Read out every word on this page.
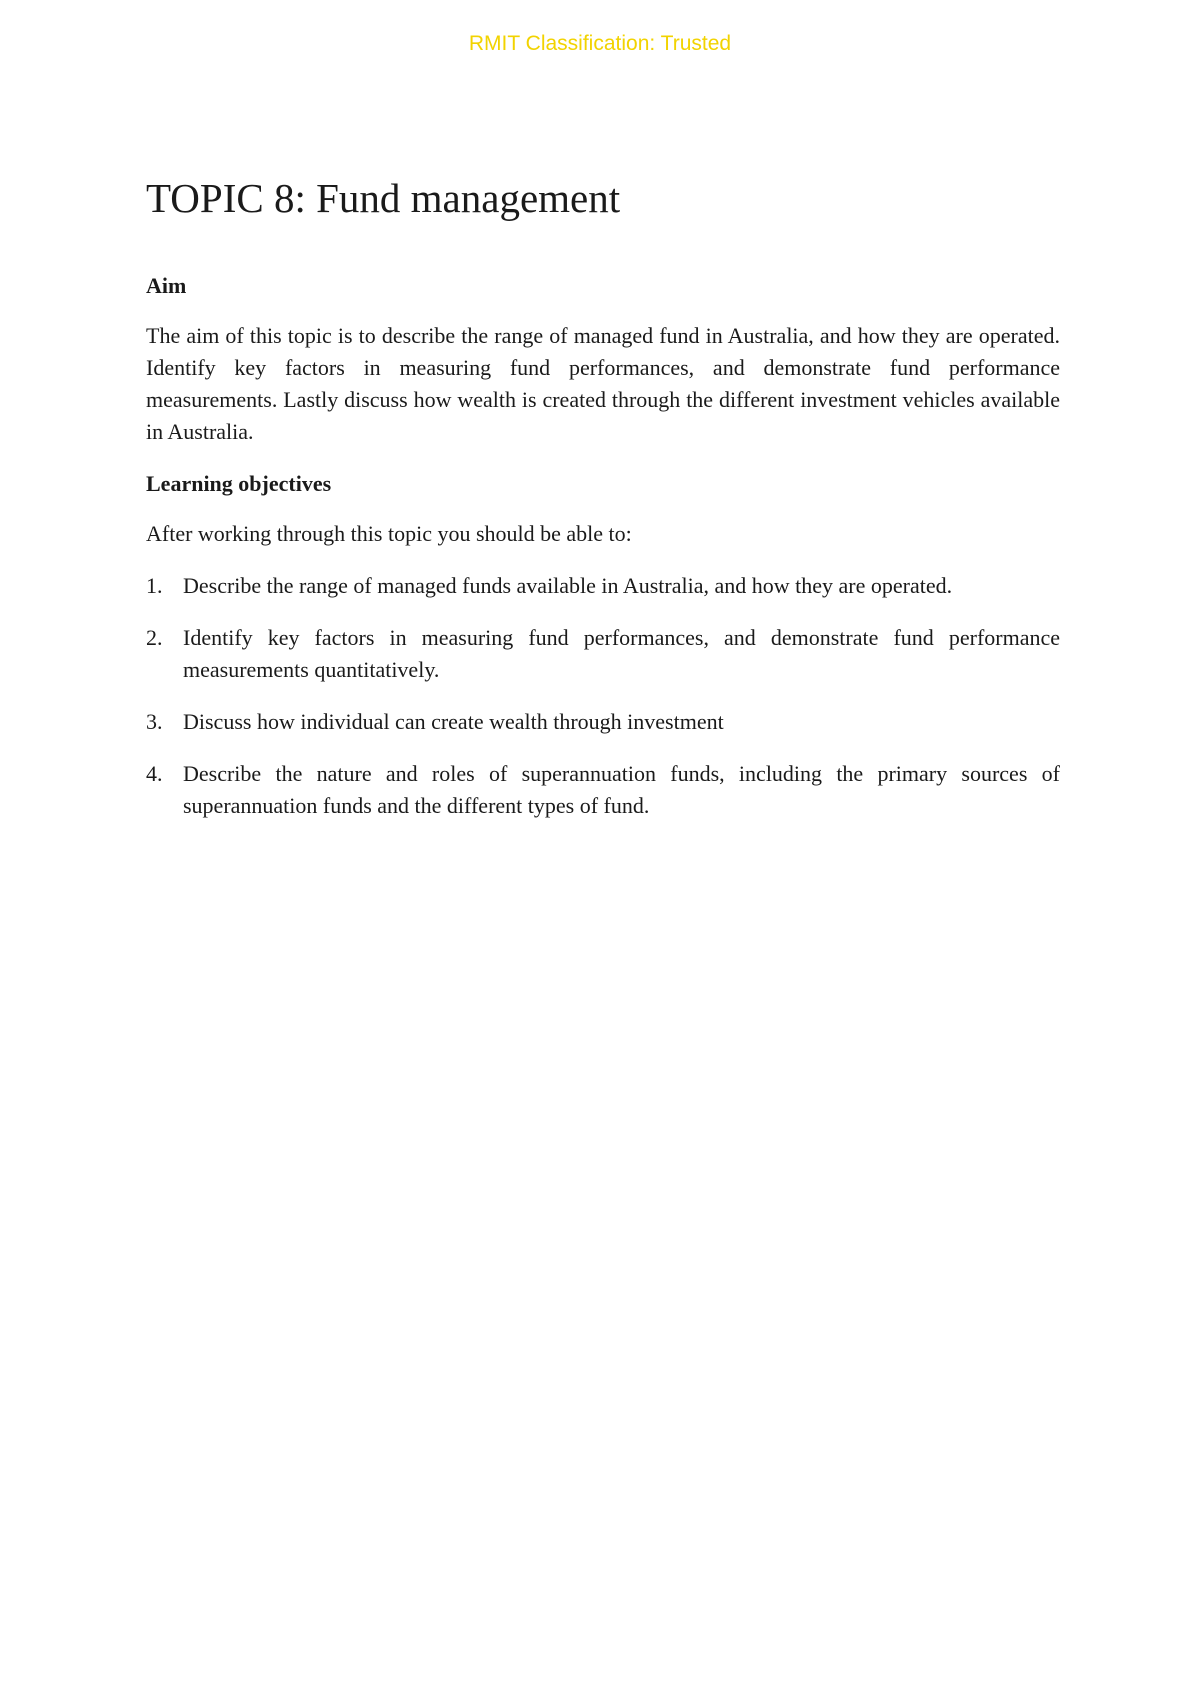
RMIT Classification: Trusted
TOPIC 8: Fund management
Aim

The aim of this topic is to describe the range of managed fund in Australia, and how they are operated. Identify key factors in measuring fund performances, and demonstrate fund performance measurements. Lastly discuss how wealth is created through the different investment vehicles available in Australia.

Learning objectives

After working through this topic you should be able to:

1. Describe the range of managed funds available in Australia, and how they are operated.
2. Identify key factors in measuring fund performances, and demonstrate fund performance measurements quantitatively.
3. Discuss how individual can create wealth through investment
4. Describe the nature and roles of superannuation funds, including the primary sources of superannuation funds and the different types of fund.
